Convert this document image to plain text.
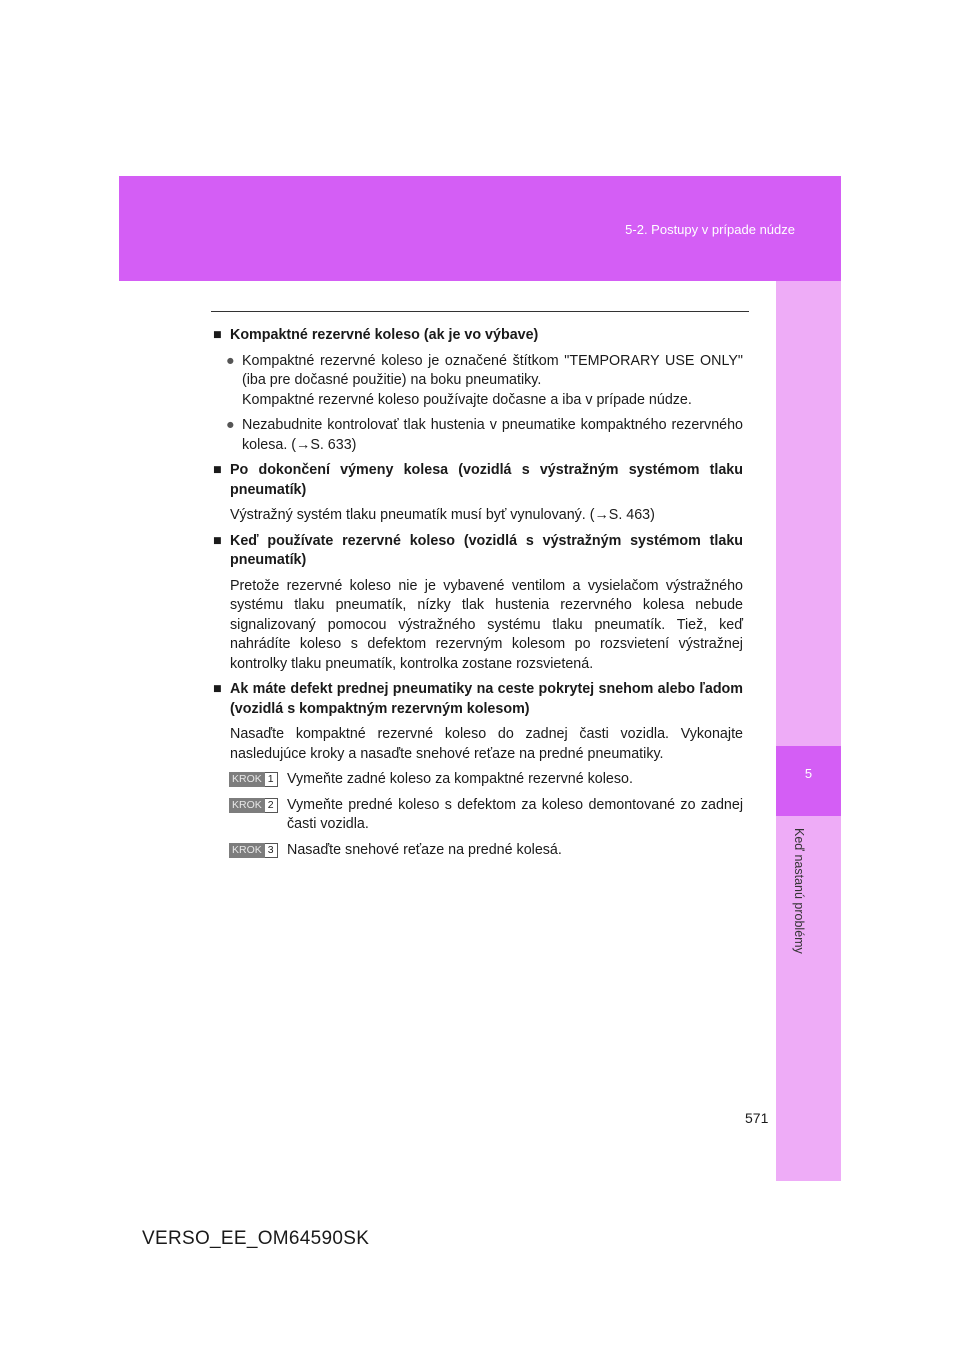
5-2. Postupy v prípade núdze
5
Keď nastanú problémy

■ Kompaktné rezervné koleso (ak je vo výbave)

● Kompaktné rezervné koleso je označené štítkom "TEMPORARY USE ONLY" (iba pre dočasné použitie) na boku pneumatiky.
Kompaktné rezervné koleso používajte dočasne a iba v prípade núdze.

● Nezabudnite kontrolovať tlak hustenia v pneumatike kompaktného rezervného kolesa. (→S. 633)

■ Po dokončení výmeny kolesa (vozidlá s výstražným systémom tlaku pneumatík)

Výstražný systém tlaku pneumatík musí byť vynulovaný. (→S. 463)

■ Keď používate rezervné koleso (vozidlá s výstražným systémom tlaku pneumatík)

Pretože rezervné koleso nie je vybavené ventilom a vysielačom výstražného systému tlaku pneumatík, nízky tlak hustenia rezervného kolesa nebude signalizovaný pomocou výstražného systému tlaku pneumatík. Tiež, keď nahrádíte koleso s defektom rezervným kolesom po rozsvietení výstražnej kontrolky tlaku pneumatík, kontrolka zostane rozsvietená.

■ Ak máte defekt prednej pneumatiky na ceste pokrytej snehom alebo ľadom (vozidlá s kompaktným rezervným kolesom)

Nasaďte kompaktné rezervné koleso do zadnej časti vozidla. Vykonajte nasledujúce kroky a nasaďte snehové reťaze na predné pneumatiky.

KROK 1 Vymeňte zadné koleso za kompaktné rezervné koleso.
KROK 2 Vymeňte predné koleso s defektom za koleso demontované zo zadnej časti vozidla.
KROK 3 Nasaďte snehové reťaze na predné kolesá.
571
VERSO_EE_OM64590SK
